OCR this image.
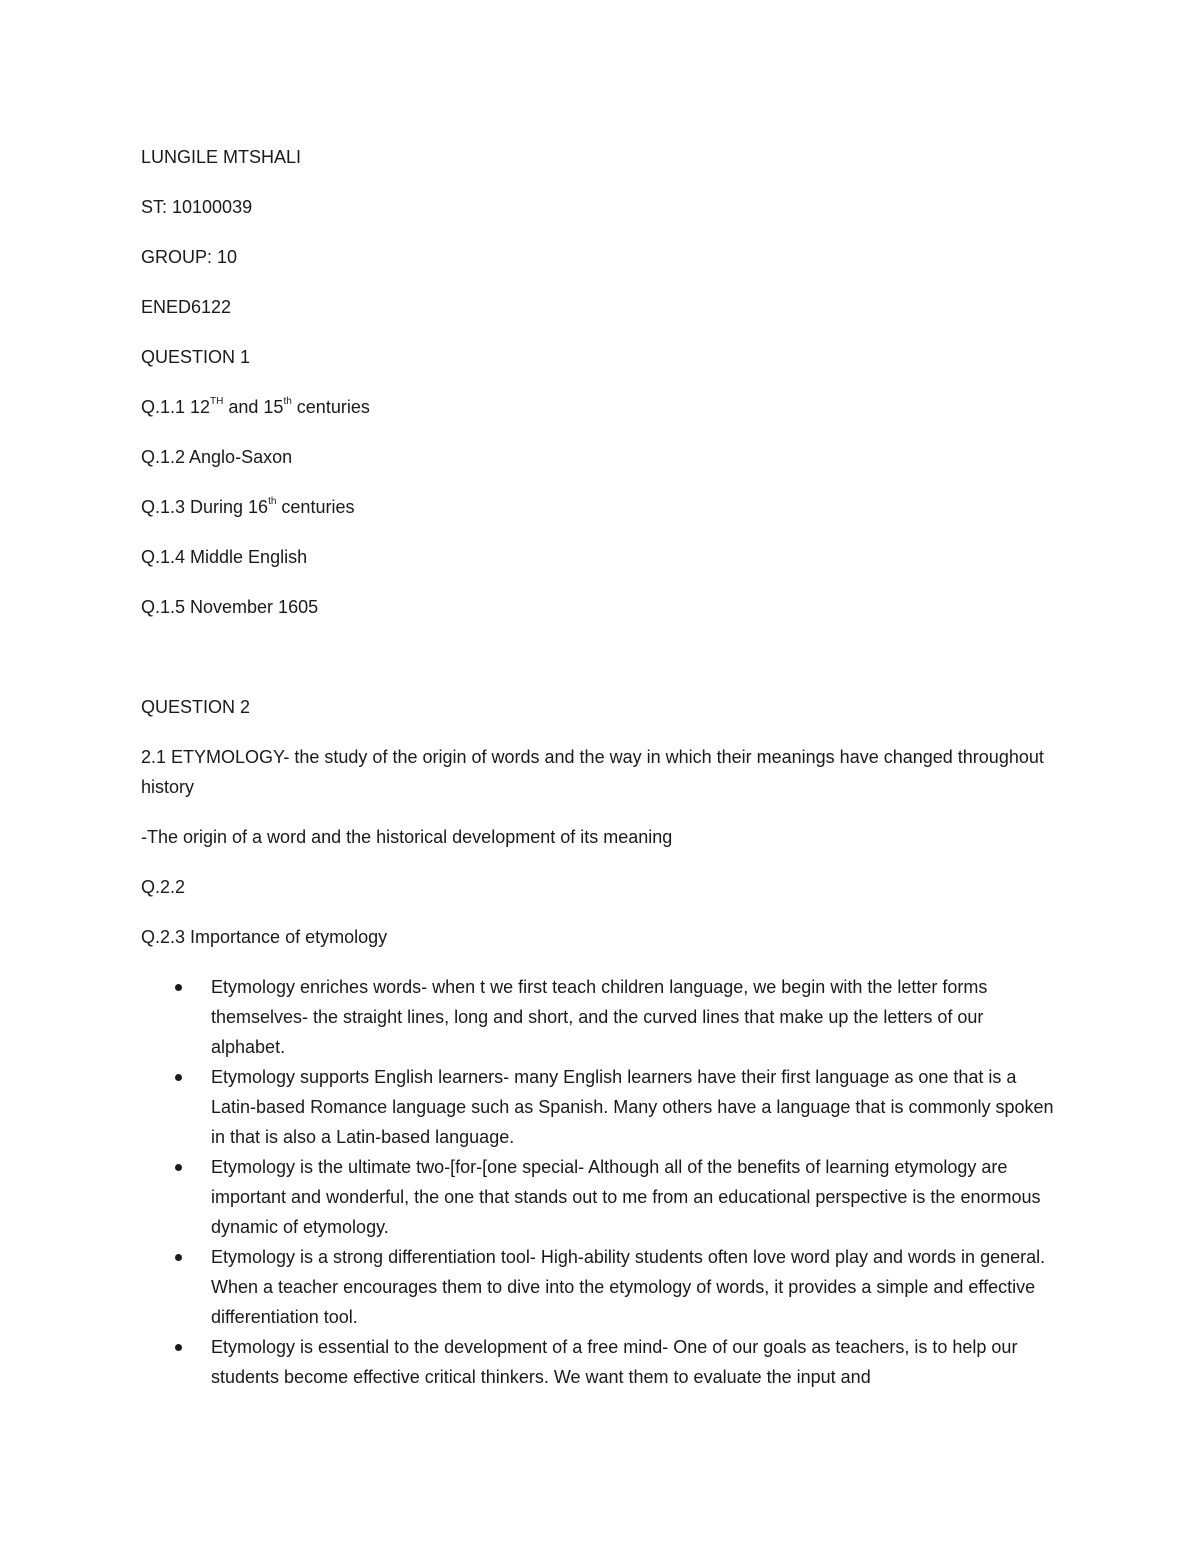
LUNGILE MTSHALI

ST: 10100039

GROUP: 10

ENED6122

QUESTION 1

Q.1.1 12TH and 15th centuries

Q.1.2 Anglo-Saxon

Q.1.3 During 16th centuries

Q.1.4 Middle English

Q.1.5 November 1605

QUESTION 2

2.1 ETYMOLOGY- the study of the origin of words and the way in which their meanings have changed throughout history

-The origin of a word and the historical development of its meaning

Q.2.2

Q.2.3 Importance of etymology

Etymology enriches words- when t we first teach children language, we begin with the letter forms themselves- the straight lines, long and short, and the curved lines that make up the letters of our alphabet.
Etymology supports English learners- many English learners have their first language as one that is a Latin-based Romance language such as Spanish. Many others have a language that is commonly spoken in that is also a Latin-based language.
Etymology is the ultimate two-[for-[one special- Although all of the benefits of learning etymology are important and wonderful, the one that stands out to me from an educational perspective is the enormous dynamic of etymology.
Etymology is a strong differentiation tool- High-ability students often love word play and words in general. When a teacher encourages them to dive into the etymology of words, it provides a simple and effective differentiation tool.
Etymology is essential to the development of a free mind- One of our goals as teachers, is to help our students become effective critical thinkers. We want them to evaluate the input and
